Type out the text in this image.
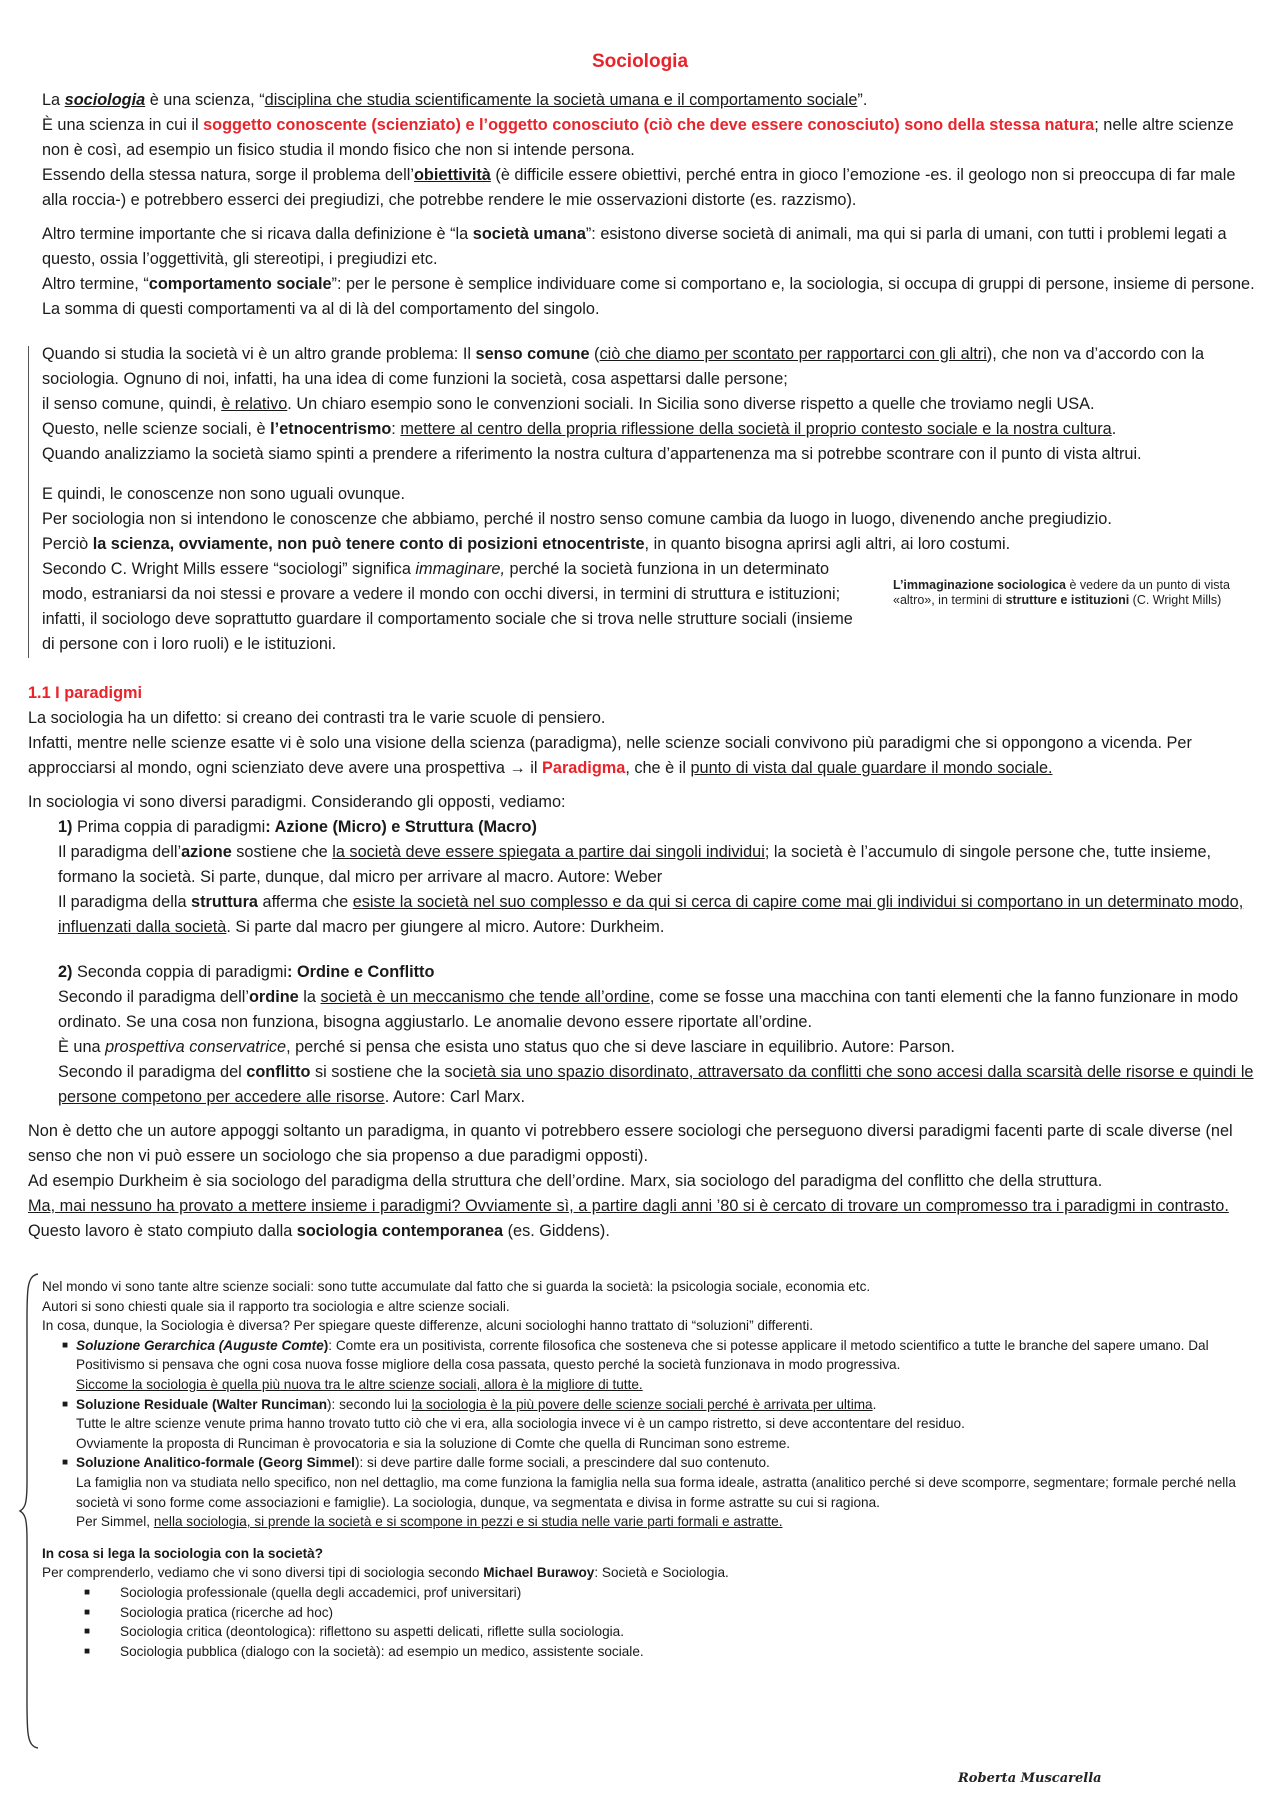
Sociologia

La sociologia è una scienza, “disciplina che studia scientificamente la società umana e il comportamento sociale”.

È una scienza in cui il soggetto conoscente (scienziato) e l’oggetto conosciuto (ciò che deve essere conosciuto) sono della stessa natura; nelle altre scienze non è così, ad esempio un fisico studia il mondo fisico che non si intende persona.

Essendo della stessa natura, sorge il problema dell’obiettività (è difficile essere obiettivi, perché entra in gioco l’emozione -es. il geologo non si preoccupa di far male alla roccia-) e potrebbero esserci dei pregiudizi, che potrebbe rendere le mie osservazioni distorte (es. razzismo).

Altro termine importante che si ricava dalla definizione è “la società umana”: esistono diverse società di animali, ma qui si parla di umani, con tutti i problemi legati a questo, ossia l’oggettività, gli stereotipi, i pregiudizi etc.

Altro termine, “comportamento sociale”: per le persone è semplice individuare come si comportano e, la sociologia, si occupa di gruppi di persone, insieme di persone. La somma di questi comportamenti va al di là del comportamento del singolo.

Quando si studia la società vi è un altro grande problema: Il senso comune (ciò che diamo per scontato per rapportarci con gli altri), che non va d’accordo con la sociologia. Ognuno di noi, infatti, ha una idea di come funzioni la società, cosa aspettarsi dalle persone;

il senso comune, quindi, è relativo. Un chiaro esempio sono le convenzioni sociali. In Sicilia sono diverse rispetto a quelle che troviamo negli USA.

Questo, nelle scienze sociali, è l’etnocentrismo: mettere al centro della propria riflessione della società il proprio contesto sociale e la nostra cultura.

Quando analizziamo la società siamo spinti a prendere a riferimento la nostra cultura d’appartenenza ma si potrebbe scontrare con il punto di vista altrui.

E quindi, le conoscenze non sono uguali ovunque.

Per sociologia non si intendono le conoscenze che abbiamo, perché il nostro senso comune cambia da luogo in luogo, divenendo anche pregiudizio.

Perciò la scienza, ovviamente, non può tenere conto di posizioni etnocentriste, in quanto bisogna aprirsi agli altri, ai loro costumi.

Secondo C. Wright Mills essere “sociologi” significa immaginare, perché la società funziona in un determinato modo, estraniarsi da noi stessi e provare a vedere il mondo con occhi diversi, in termini di struttura e istituzioni; infatti, il sociologo deve soprattutto guardare il comportamento sociale che si trova nelle strutture sociali (insieme di persone con i loro ruoli) e le istituzioni.

L’immaginazione sociologica è vedere da un punto di vista «altro», in termini di strutture e istituzioni (C. Wright Mills)

1.1 I paradigmi

La sociologia ha un difetto: si creano dei contrasti tra le varie scuole di pensiero.

Infatti, mentre nelle scienze esatte vi è solo una visione della scienza (paradigma), nelle scienze sociali convivono più paradigmi che si oppongono a vicenda. Per approcciarsi al mondo, ogni scienziato deve avere una prospettiva → il Paradigma, che è il punto di vista dal quale guardare il mondo sociale.

In sociologia vi sono diversi paradigmi. Considerando gli opposti, vediamo:

1) Prima coppia di paradigmi: Azione (Micro) e Struttura (Macro)

Il paradigma dell’azione sostiene che la società deve essere spiegata a partire dai singoli individui; la società è l’accumulo di singole persone che, tutte insieme, formano la società. Si parte, dunque, dal micro per arrivare al macro. Autore: Weber

Il paradigma della struttura afferma che esiste la società nel suo complesso e da qui si cerca di capire come mai gli individui si comportano in un determinato modo, influenzati dalla società. Si parte dal macro per giungere al micro. Autore: Durkheim.

2) Seconda coppia di paradigmi: Ordine e Conflitto

Secondo il paradigma dell’ordine la società è un meccanismo che tende all’ordine, come se fosse una macchina con tanti elementi che la fanno funzionare in modo ordinato. Se una cosa non funziona, bisogna aggiustarlo. Le anomalie devono essere riportate all’ordine.

È una prospettiva conservatrice, perché si pensa che esista uno status quo che si deve lasciare in equilibrio. Autore: Parson.

Secondo il paradigma del conflitto si sostiene che la società sia uno spazio disordinato, attraversato da conflitti che sono accesi dalla scarsità delle risorse e quindi le persone competono per accedere alle risorse. Autore: Carl Marx.

Non è detto che un autore appoggi soltanto un paradigma, in quanto vi potrebbero essere sociologi che perseguono diversi paradigmi facenti parte di scale diverse (nel senso che non vi può essere un sociologo che sia propenso a due paradigmi opposti).

Ad esempio Durkheim è sia sociologo del paradigma della struttura che dell’ordine. Marx, sia sociologo del paradigma del conflitto che della struttura.

Ma, mai nessuno ha provato a mettere insieme i paradigmi? Ovviamente sì, a partire dagli anni ’80 si è cercato di trovare un compromesso tra i paradigmi in contrasto. Questo lavoro è stato compiuto dalla sociologia contemporanea (es. Giddens).

Nel mondo vi sono tante altre scienze sociali: sono tutte accumulate dal fatto che si guarda la società: la psicologia sociale, economia etc.

Autori si sono chiesti quale sia il rapporto tra sociologia e altre scienze sociali.

In cosa, dunque, la Sociologia è diversa? Per spiegare queste differenze, alcuni sociologhi hanno trattato di “soluzioni” differenti.

■ Soluzione Gerarchica (Auguste Comte): Comte era un positivista, corrente filosofica che sosteneva che si potesse applicare il metodo scientifico a tutte le branche del sapere umano. Dal Positivismo si pensava che ogni cosa nuova fosse migliore della cosa passata, questo perché la società funzionava in modo progressiva.

Siccome la sociologia è quella più nuova tra le altre scienze sociali, allora è la migliore di tutte.

■ Soluzione Residuale (Walter Runciman): secondo lui la sociologia è la più povere delle scienze sociali perché è arrivata per ultima.

Tutte le altre scienze venute prima hanno trovato tutto ciò che vi era, alla sociologia invece vi è un campo ristretto, si deve accontentare del residuo.

Ovviamente la proposta di Runciman è provocatoria e sia la soluzione di Comte che quella di Runciman sono estreme.

■ Soluzione Analitico-formale (Georg Simmel): si deve partire dalle forme sociali, a prescindere dal suo contenuto.

La famiglia non va studiata nello specifico, non nel dettaglio, ma come funziona la famiglia nella sua forma ideale, astratta (analitico perché si deve scomporre, segmentare; formale perché nella società vi sono forme come associazioni e famiglie). La sociologia, dunque, va segmentata e divisa in forme astratte su cui si ragiona.

Per Simmel, nella sociologia, si prende la società e si scompone in pezzi e si studia nelle varie parti formali e astratte.

In cosa si lega la sociologia con la società?

Per comprenderlo, vediamo che vi sono diversi tipi di sociologia secondo Michael Burawoy: Società e Sociologia.

■	Sociologia professionale (quella degli accademici, prof universitari)

■	Sociologia pratica (ricerche ad hoc)

■	Sociologia critica (deontologica): riflettono su aspetti delicati, riflette sulla sociologia.

■	Sociologia pubblica (dialogo con la società): ad esempio un medico, assistente sociale.

Roberta Muscarella
